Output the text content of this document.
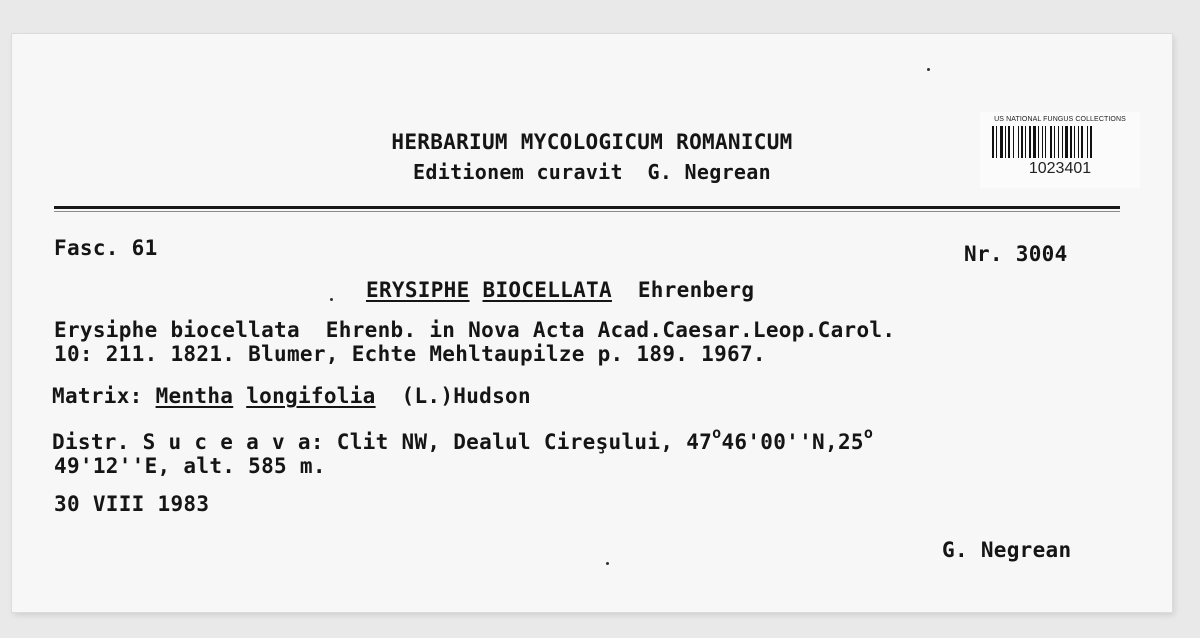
HERBARIUM MYCOLOGICUM ROMANICUM
Editionem curavit  G. Negrean
US NATIONAL FUNGUS COLLECTIONS
1023401
Fasc. 61	Nr. 3004
ERYSIPHE BIOCELLATA Ehrenberg
Erysiphe biocellata  Ehrenb. in Nova Acta Acad.Caesar.Leop.Carol.
10: 211. 1821. Blumer, Echte Mehltaupilze p. 189. 1967.
Matrix: Mentha longifolia (L.)Hudson
Distr. S u c e a v a: Clit NW, Dealul Cireşului, 47$^o$46'00''N,25$^o$
49'12''E, alt. 585 m.
30 VIII 1983
G. Negrean
